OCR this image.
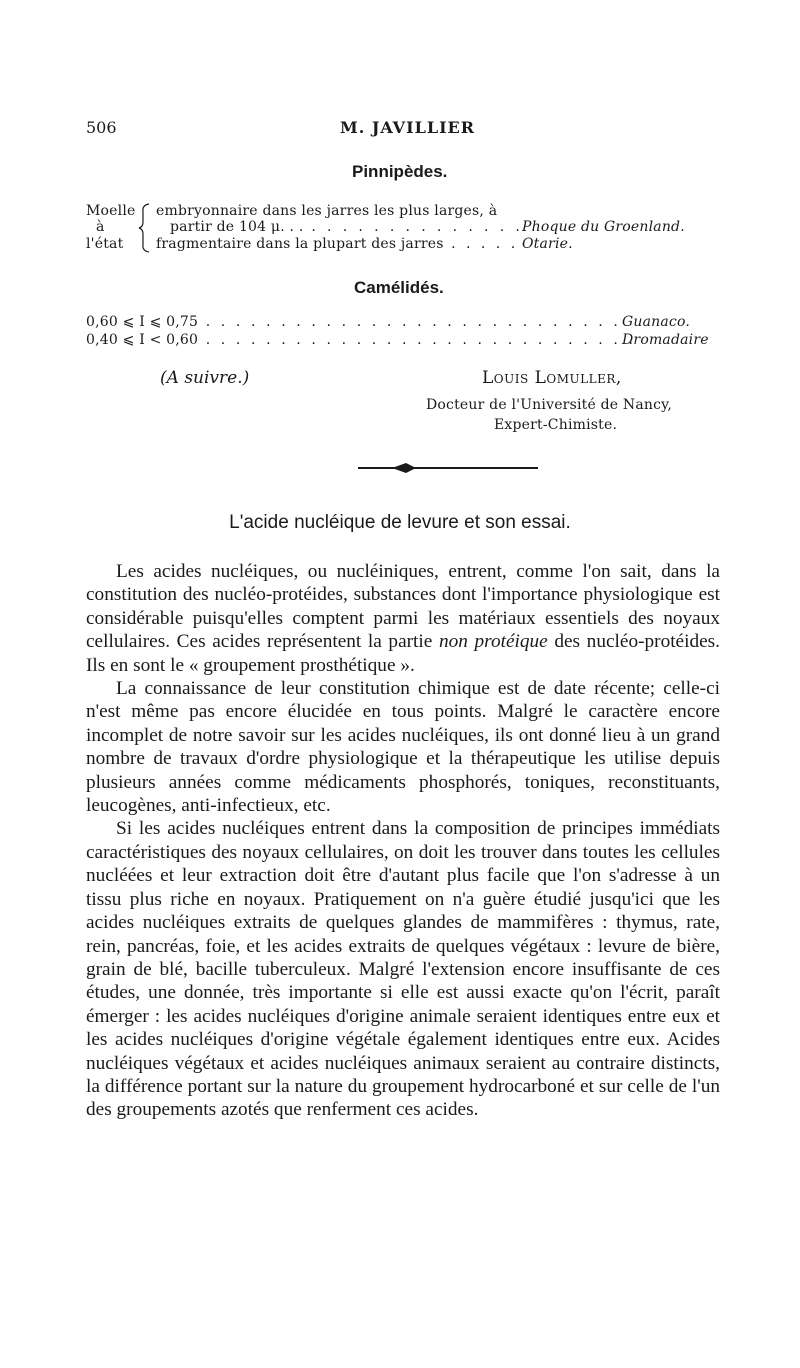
506	M. JAVILLIER
Pinnipèdes.
Moelle
à
l'état
embryonnaire dans les jarres les plus larges, à
partir de 104 μ. . . . . . . . . . . . . . . . . .
Phoque du Groenland.
fragmentaire dans la plupart des jarres . . . . . Otarie.
Camélidés.
0,60 ⩽ I ⩽ 0,75 . . . . . . . . . . . . . . . . . . . . . . . . . . . . Guanaco.
0,40 ⩽ I < 0,60 . . . . . . . . . . . . . . . . . . . . . . . . . . . . .
Dromadaire
(A suivre.)	Louis Lomuller,
Docteur de l'Université de Nancy,
Expert-Chimiste.
L'acide nucléique de levure et son essai.

Les acides nucléiques, ou nucléiniques, entrent, comme l'on sait, dans la constitution des nucléo-protéides, substances dont l'importance physiologique est considérable puisqu'elles comptent parmi les matériaux essentiels des noyaux cellulaires. Ces acides représentent la partie non protéique des nucléo-protéides. Ils en sont le « groupement prosthétique ».

La connaissance de leur constitution chimique est de date récente; celle-ci n'est même pas encore élucidée en tous points. Malgré le caractère encore incomplet de notre savoir sur les acides nucléiques, ils ont donné lieu à un grand nombre de travaux d'ordre physiologique et la thérapeutique les utilise depuis plusieurs années comme médicaments phosphorés, toniques, reconstituants, leucogènes, anti-infectieux, etc.

Si les acides nucléiques entrent dans la composition de principes immédiats caractéristiques des noyaux cellulaires, on doit les trouver dans toutes les cellules nucléées et leur extraction doit être d'autant plus facile que l'on s'adresse à un tissu plus riche en noyaux. Pratiquement on n'a guère étudié jusqu'ici que les acides nucléiques extraits de quelques glandes de mammifères : thymus, rate, rein, pancréas, foie, et les acides extraits de quelques végétaux : levure de bière, grain de blé, bacille tuberculeux. Malgré l'extension encore insuffisante de ces études, une donnée, très importante si elle est aussi exacte qu'on l'écrit, paraît émerger : les acides nucléiques d'origine animale seraient identiques entre eux et les acides nucléiques d'origine végétale également identiques entre eux. Acides nucléiques végétaux et acides nucléiques animaux seraient au contraire distincts, la différence portant sur la nature du groupement hydrocarboné et sur celle de l'un des groupements azotés que renferment ces acides.
